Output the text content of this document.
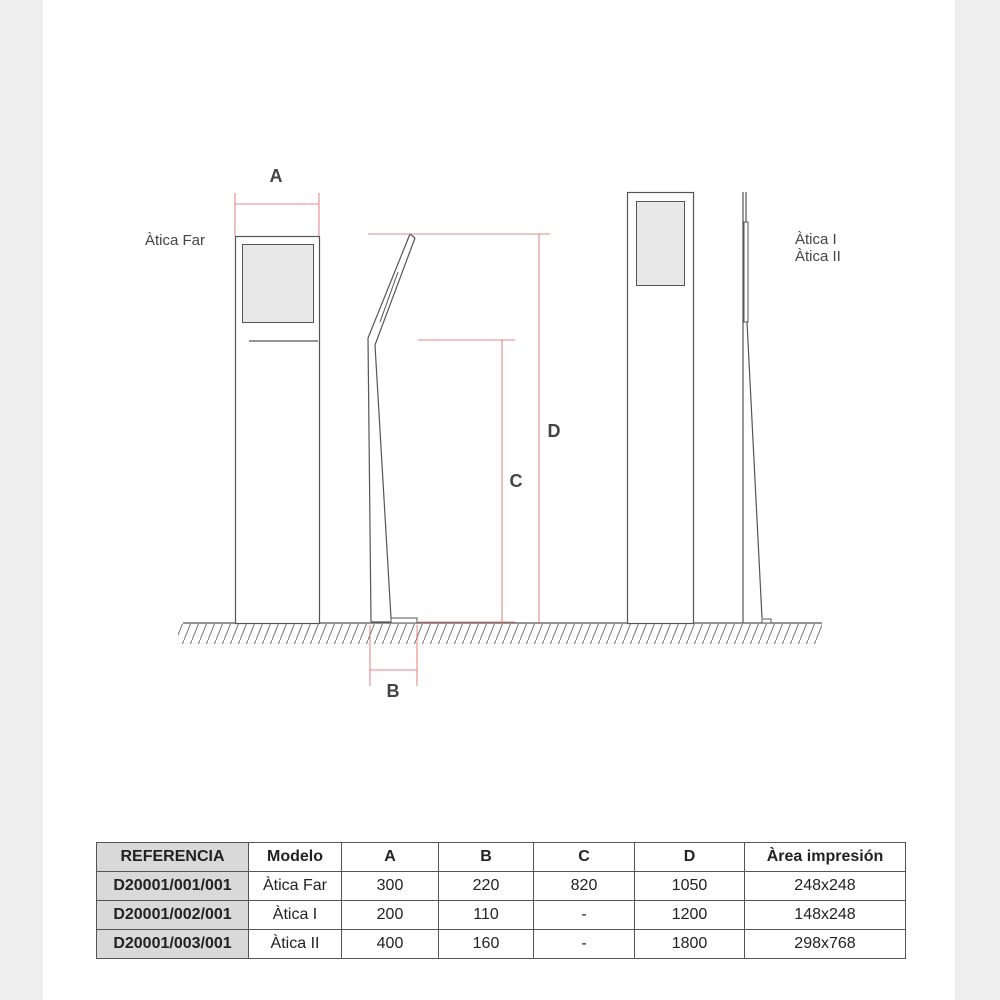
A
B
C
D
Àtica Far	Àtica I
Àtica II
REFERENCIA	Modelo	A	B	C	D	Àrea impresión
D20001/001/001	Àtica Far	300	220	820	1050	248x248
D20001/002/001	Àtica I	200	110	-	1200	148x248
D20001/003/001	Àtica II	400	160	-	1800	298x768
